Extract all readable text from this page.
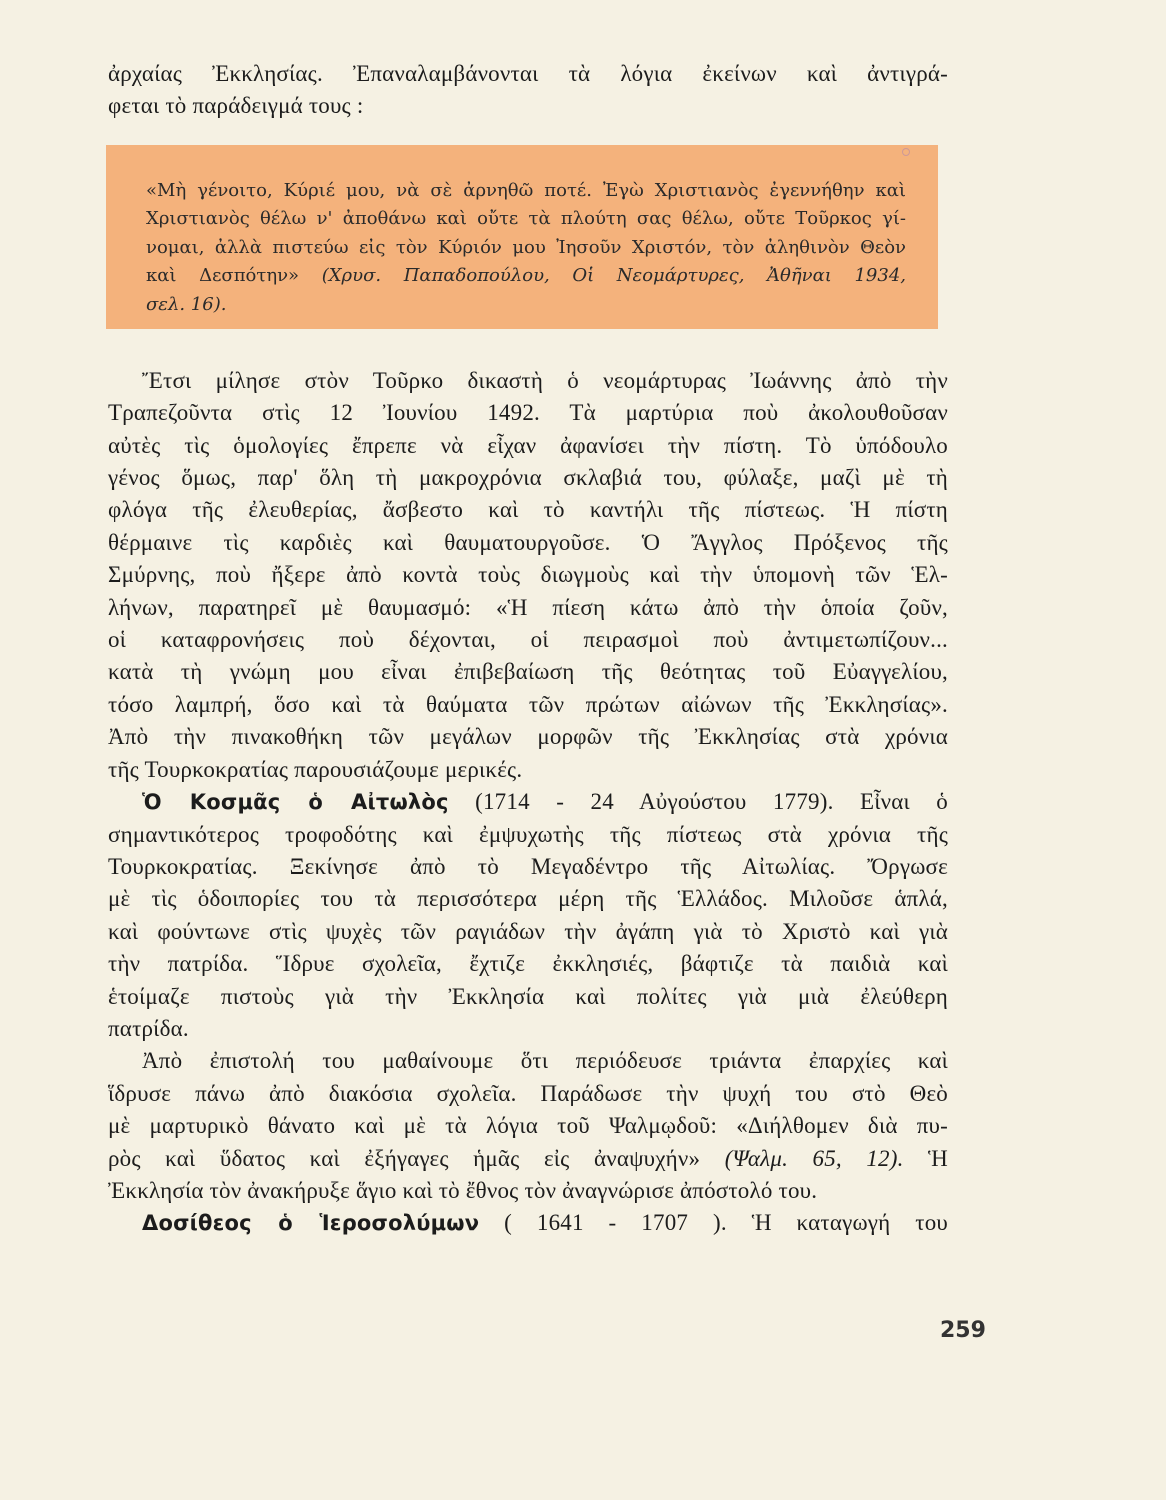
ἀρχαίας Ἐκκλησίας. Ἐπαναλαμβάνονται τὰ λόγια ἐκείνων καὶ ἀντιγρά-
φεται τὸ παράδειγμά τους :
«Μὴ γένοιτο, Κύριέ μου, νὰ σὲ ἀρνηθῶ ποτέ. Ἐγὼ Χριστιανὸς ἐγεννήθην καὶ
Χριστιανὸς θέλω ν' ἀποθάνω καὶ οὔτε τὰ πλούτη σας θέλω, οὔτε Τοῦρκος γί-
νομαι, ἀλλὰ πιστεύω εἰς τὸν Κύριόν μου Ἰησοῦν Χριστόν, τὸν ἀληθινὸν Θεὸν
καὶ Δεσπότην» (Χρυσ. Παπαδοπούλου, Οἱ Νεομάρτυρες, Ἀθῆναι 1934,
σελ. 16).
Ἔτσι μίλησε στὸν Τοῦρκο δικαστὴ ὁ νεομάρτυρας Ἰωάννης ἀπὸ τὴν
Τραπεζοῦντα στὶς 12 Ἰουνίου 1492. Τὰ μαρτύρια ποὺ ἀκολουθοῦσαν
αὐτὲς τὶς ὁμολογίες ἔπρεπε νὰ εἶχαν ἀφανίσει τὴν πίστη. Τὸ ὑπόδουλο
γένος ὅμως, παρ' ὅλη τὴ μακροχρόνια σκλαβιά του, φύλαξε, μαζὶ μὲ τὴ
φλόγα τῆς ἐλευθερίας, ἄσβεστο καὶ τὸ καντήλι τῆς πίστεως. Ἡ πίστη
θέρμαινε τὶς καρδιὲς καὶ θαυματουργοῦσε. Ὁ Ἄγγλος Πρόξενος τῆς
Σμύρνης, ποὺ ἤξερε ἀπὸ κοντὰ τοὺς διωγμοὺς καὶ τὴν ὑπομονὴ τῶν Ἑλ-
λήνων, παρατηρεῖ μὲ θαυμασμό: «Ἡ πίεση κάτω ἀπὸ τὴν ὁποία ζοῦν,
οἱ καταφρονήσεις ποὺ δέχονται, οἱ πειρασμοὶ ποὺ ἀντιμετωπίζουν...
κατὰ τὴ γνώμη μου εἶναι ἐπιβεβαίωση τῆς θεότητας τοῦ Εὐαγγελίου,
τόσο λαμπρή, ὅσο καὶ τὰ θαύματα τῶν πρώτων αἰώνων τῆς Ἐκκλησίας».
Ἀπὸ τὴν πινακοθήκη τῶν μεγάλων μορφῶν τῆς Ἐκκλησίας στὰ χρόνια
τῆς Τουρκοκρατίας παρουσιάζουμε μερικές.
Ὁ Κοσμᾶς ὁ Αἰτωλὸς (1714 - 24 Αὐγούστου 1779). Εἶναι ὁ
σημαντικότερος τροφοδότης καὶ ἐμψυχωτὴς τῆς πίστεως στὰ χρόνια τῆς
Τουρκοκρατίας. Ξεκίνησε ἀπὸ τὸ Μεγαδέντρο τῆς Αἰτωλίας. Ὄργωσε
μὲ τὶς ὁδοιπορίες του τὰ περισσότερα μέρη τῆς Ἑλλάδος. Μιλοῦσε ἁπλά,
καὶ φούντωνε στὶς ψυχὲς τῶν ραγιάδων τὴν ἀγάπη γιὰ τὸ Χριστὸ καὶ γιὰ
τὴν πατρίδα. Ἵδρυε σχολεῖα, ἔχτιζε ἐκκλησιές, βάφτιζε τὰ παιδιὰ καὶ
ἑτοίμαζε πιστοὺς γιὰ τὴν Ἐκκλησία καὶ πολίτες γιὰ μιὰ ἐλεύθερη
πατρίδα.
Ἀπὸ ἐπιστολή του μαθαίνουμε ὅτι περιόδευσε τριάντα ἐπαρχίες καὶ
ἵδρυσε πάνω ἀπὸ διακόσια σχολεῖα. Παράδωσε τὴν ψυχή του στὸ Θεὸ
μὲ μαρτυρικὸ θάνατο καὶ μὲ τὰ λόγια τοῦ Ψαλμῳδοῦ: «Διήλθομεν διὰ πυ-
ρὸς καὶ ὕδατος καὶ ἐξήγαγες ἡμᾶς εἰς ἀναψυχήν» (Ψαλμ. 65, 12). Ἡ
Ἐκκλησία τὸν ἀνακήρυξε ἅγιο καὶ τὸ ἔθνος τὸν ἀναγνώρισε ἀπόστολό του.
Δοσίθεος ὁ Ἱεροσολύμων ( 1641 - 1707 ). Ἡ καταγωγή του
259
